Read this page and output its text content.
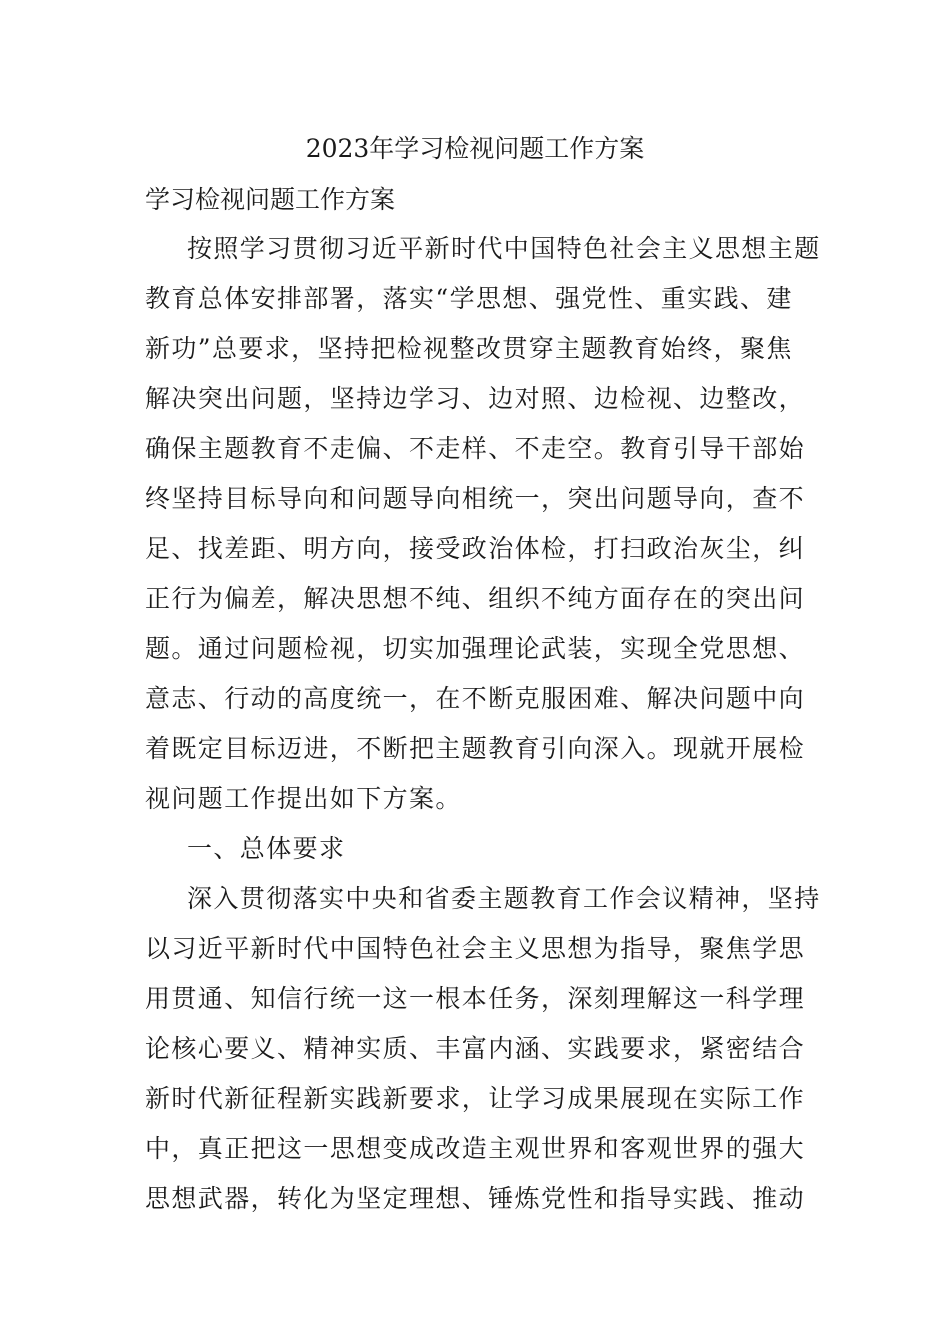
2023年学习检视问题工作方案
学习检视问题工作方案
按照学习贯彻习近平新时代中国特色社会主义思想主题
教育总体安排部署，落实“学思想、强党性、重实践、建
新功”总要求，坚持把检视整改贯穿主题教育始终，聚焦
解决突出问题，坚持边学习、边对照、边检视、边整改，
确保主题教育不走偏、不走样、不走空。教育引导干部始
终坚持目标导向和问题导向相统一，突出问题导向，查不
足、找差距、明方向，接受政治体检，打扫政治灰尘，纠
正行为偏差，解决思想不纯、组织不纯方面存在的突出问
题。通过问题检视，切实加强理论武装，实现全党思想、
意志、行动的高度统一，在不断克服困难、解决问题中向
着既定目标迈进，不断把主题教育引向深入。现就开展检
视问题工作提出如下方案。
一、总体要求
深入贯彻落实中央和省委主题教育工作会议精神，坚持
以习近平新时代中国特色社会主义思想为指导，聚焦学思
用贯通、知信行统一这一根本任务，深刻理解这一科学理
论核心要义、精神实质、丰富内涵、实践要求，紧密结合
新时代新征程新实践新要求，让学习成果展现在实际工作
中，真正把这一思想变成改造主观世界和客观世界的强大
思想武器，转化为坚定理想、锤炼党性和指导实践、推动
